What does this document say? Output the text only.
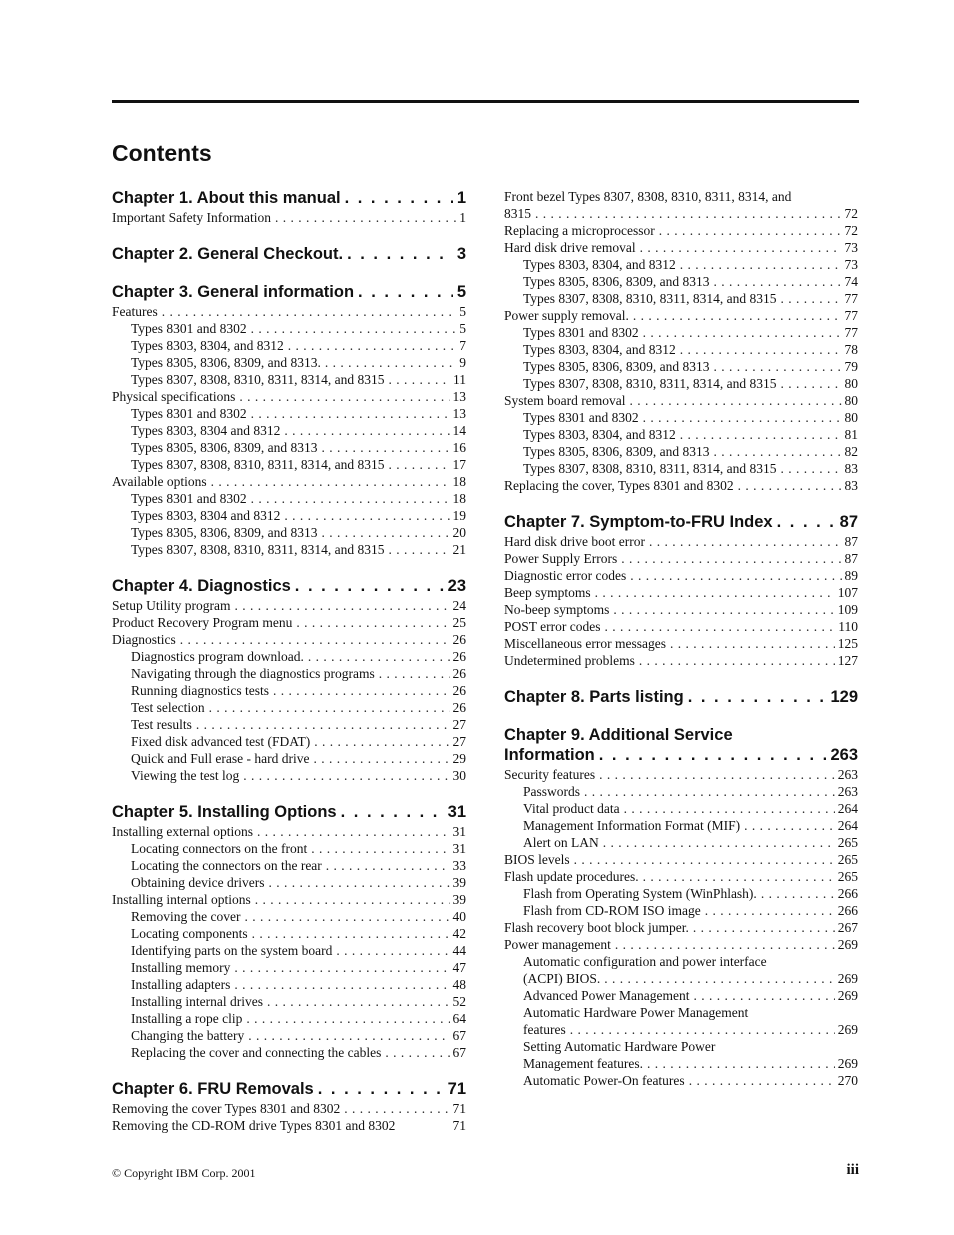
Contents
Chapter 1. About this manual . . .	1
Important Safety Information . . .	1
Chapter 2. General Checkout. . . .	3
Chapter 3. General information . . .	5
Features . . .	5
Types 8301 and 8302 . . .	5
Types 8303, 8304, and 8312 . . .	7
Types 8305, 8306, 8309, and 8313. . . .	9
Types 8307, 8308, 8310, 8311, 8314, and 8315 . . .	11
Physical specifications . . .	13
Types 8301 and 8302 . . .	13
Types 8303, 8304 and 8312 . . .	14
Types 8305, 8306, 8309, and 8313 . . .	16
Types 8307, 8308, 8310, 8311, 8314, and 8315 . . .	17
Available options . . .	18
Types 8301 and 8302 . . .	18
Types 8303, 8304 and 8312 . . .	19
Types 8305, 8306, 8309, and 8313 . . .	20
Types 8307, 8308, 8310, 8311, 8314, and 8315 . . .	21
Chapter 4. Diagnostics . . .	23
Setup Utility program . . .	24
Product Recovery Program menu . . .	25
Diagnostics . . .	26
Diagnostics program download. . . .	26
Navigating through the diagnostics programs . . .	26
Running diagnostics tests . . .	26
Test selection . . .	26
Test results . . .	27
Fixed disk advanced test (FDAT) . . .	27
Quick and Full erase - hard drive . . .	29
Viewing the test log . . .	30
Chapter 5. Installing Options . . .	31
Installing external options . . .	31
Locating connectors on the front . . .	31
Locating the connectors on the rear . . .	33
Obtaining device drivers . . .	39
Installing internal options . . .	39
Removing the cover . . .	40
Locating components . . .	42
Identifying parts on the system board . . .	44
Installing memory . . .	47
Installing adapters . . .	48
Installing internal drives . . .	52
Installing a rope clip . . .	64
Changing the battery . . .	67
Replacing the cover and connecting the cables . . .	67
Chapter 6. FRU Removals . . .	71
Removing the cover Types 8301 and 8302 . . .	71
Removing the CD-ROM drive Types 8301 and 8302	71
Front bezel Types 8307, 8308, 8310, 8311, 8314, and
8315 . . .	72
Replacing a microprocessor . . .	72
Hard disk drive removal . . .	73
Types 8303, 8304, and 8312 . . .	73
Types 8305, 8306, 8309, and 8313 . . .	74
Types 8307, 8308, 8310, 8311, 8314, and 8315 . . .	77
Power supply removal. . . .	77
Types 8301 and 8302 . . .	77
Types 8303, 8304, and 8312 . . .	78
Types 8305, 8306, 8309, and 8313 . . .	79
Types 8307, 8308, 8310, 8311, 8314, and 8315 . . .	80
System board removal . . .	80
Types 8301 and 8302 . . .	80
Types 8303, 8304, and 8312 . . .	81
Types 8305, 8306, 8309, and 8313 . . .	82
Types 8307, 8308, 8310, 8311, 8314, and 8315 . . .	83
Replacing the cover, Types 8301 and 8302 . . .	83
Chapter 7. Symptom-to-FRU Index . . .	87
Hard disk drive boot error . . .	87
Power Supply Errors . . .	87
Diagnostic error codes . . .	89
Beep symptoms . . .	107
No-beep symptoms . . .	109
POST error codes . . .	110
Miscellaneous error messages . . .	125
Undetermined problems . . .	127
Chapter 8. Parts listing . . .	129
Chapter 9. Additional Service
Information . . .	263
Security features . . .	263
Passwords . . .	263
Vital product data . . .	264
Management Information Format (MIF) . . .	264
Alert on LAN . . .	265
BIOS levels . . .	265
Flash update procedures. . . .	265
Flash from Operating System (WinPhlash). . . .	266
Flash from CD-ROM ISO image . . .	266
Flash recovery boot block jumper. . . .	267
Power management . . .	269
Automatic configuration and power interface
(ACPI) BIOS. . . .	269
Advanced Power Management . . .	269
Automatic Hardware Power Management
features . . .	269
Setting Automatic Hardware Power
Management features. . . .	269
Automatic Power-On features . . .	270
© Copyright IBM Corp. 2001	iii
